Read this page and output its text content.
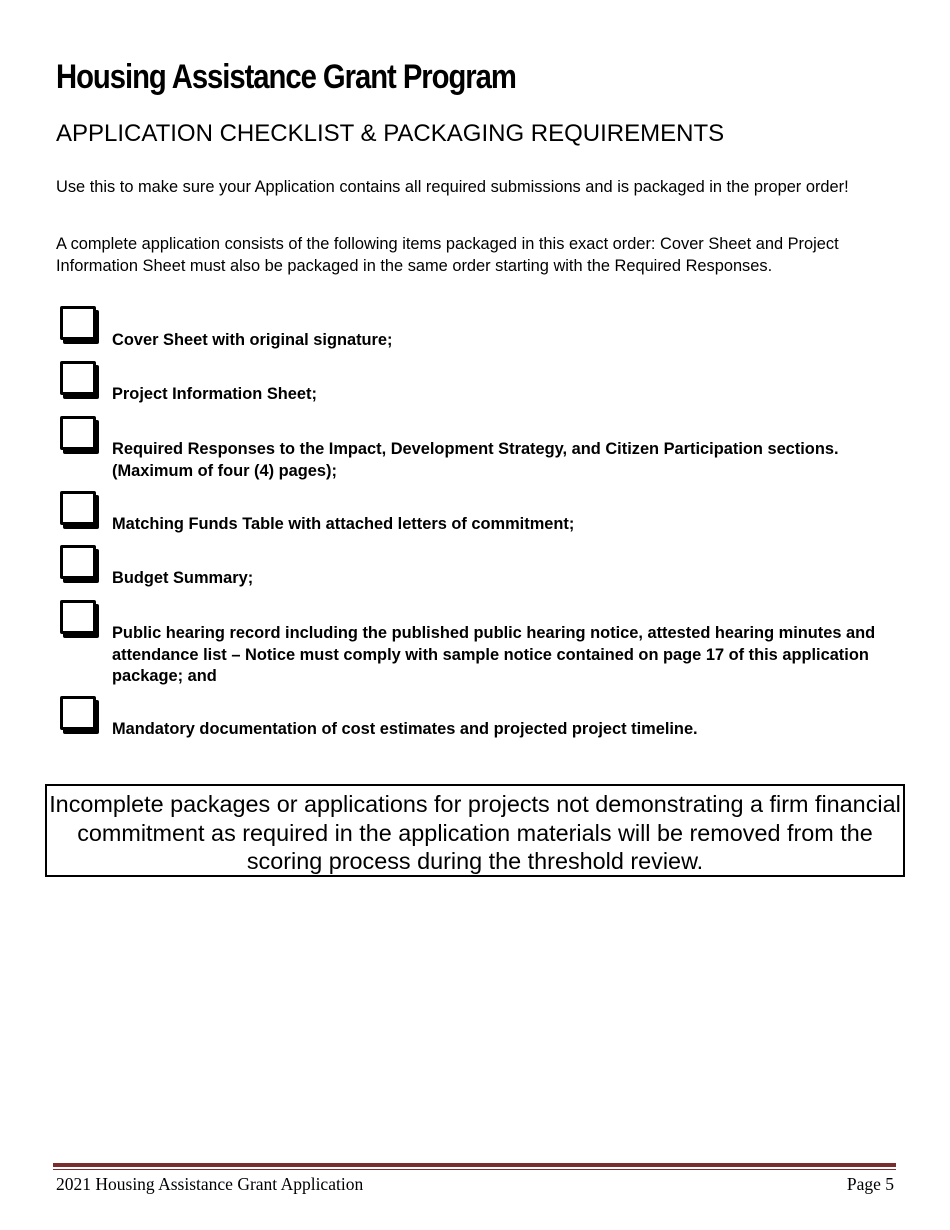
Housing Assistance Grant Program
APPLICATION CHECKLIST & PACKAGING REQUIREMENTS

Use this to make sure your Application contains all required submissions and is packaged in the proper order!

A complete application consists of the following items packaged in this exact order: Cover Sheet and Project Information Sheet must also be packaged in the same order starting with the Required Responses.

Cover Sheet with original signature;

Project Information Sheet;

Required Responses to the Impact, Development Strategy, and Citizen Participation sections. (Maximum of four (4) pages);

Matching Funds Table with attached letters of commitment;

Budget Summary;

Public hearing record including the published public hearing notice, attested hearing minutes and attendance list – Notice must comply with sample notice contained on page 17 of this application package; and

Mandatory documentation of cost estimates and projected project timeline.

Incomplete packages or applications for projects not demonstrating a firm financial commitment as required in the application materials will be removed from the scoring process during the threshold review.
2021 Housing Assistance Grant Application	Page 5
